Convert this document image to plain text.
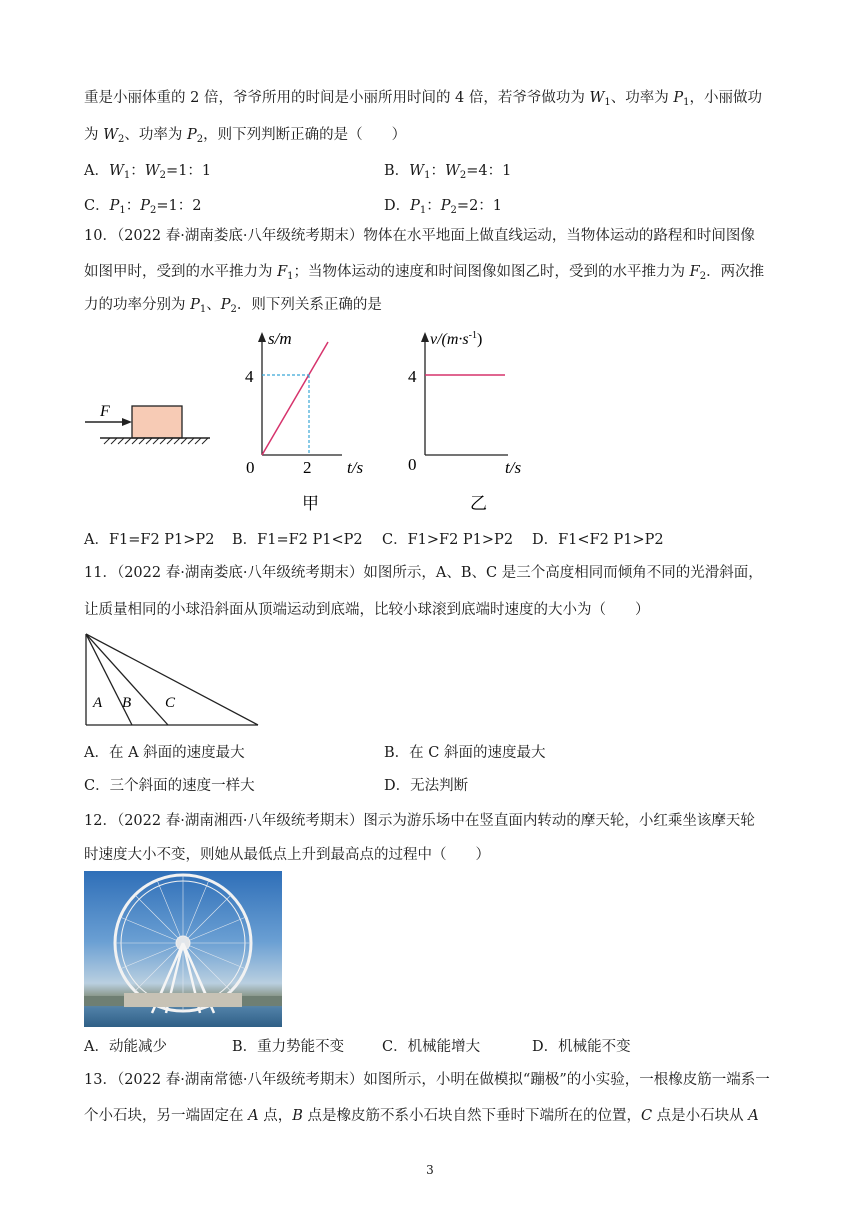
重是小丽体重的 2 倍，爷爷所用的时间是小丽所用时间的 4 倍，若爷爷做功为 $W_1$、功率为 $P_1$，小丽做功
为 $W_2$、功率为 $P_2$，则下列判断正确的是（　　）
A．$W_1$：$W_2=1$：1	B．$W_1$：$W_2=4$：1
C．$P_1$：$P_2=1$：2	D．$P_1$：$P_2=2$：1
10．（2022 春·湖南娄底·八年级统考期末）物体在水平地面上做直线运动，当物体运动的路程和时间图像
如图甲时，受到的水平推力为 $F_1$；当物体运动的速度和时间图像如图乙时，受到的水平推力为 $F_2$．两次推
力的功率分别为 $P_1$、$P_2$．则下列关系正确的是
F
s/m
4
0	2 t/s
甲
$v/(m\cdot s^{-1})$
4
0	t/s
乙
A．F1=F2 P1>P2 B．F1=F2 P1<P2 C．F1>F2 P1>P2 D．F1<F2 P1>P2
11．（2022 春·湖南娄底·八年级统考期末）如图所示，A、B、C 是三个高度相同而倾角不同的光滑斜面，
让质量相同的小球沿斜面从顶端运动到底端，比较小球滚到底端时速度的大小为（　　）
A B C
A．在 A 斜面的速度最大	B．在 C 斜面的速度最大
C．三个斜面的速度一样大	D．无法判断
12．（2022 春·湖南湘西·八年级统考期末）图示为游乐场中在竖直面内转动的摩天轮，小红乘坐该摩天轮
时速度大小不变，则她从最低点上升到最高点的过程中（　　）
A．动能减少	B．重力势能不变	C．机械能增大	D．机械能不变
13．（2022 春·湖南常德·八年级统考期末）如图所示，小明在做模拟“蹦极”的小实验，一根橡皮筋一端系一
个小石块，另一端固定在 A 点，B 点是橡皮筋不系小石块自然下垂时下端所在的位置，C 点是小石块从 A
3
